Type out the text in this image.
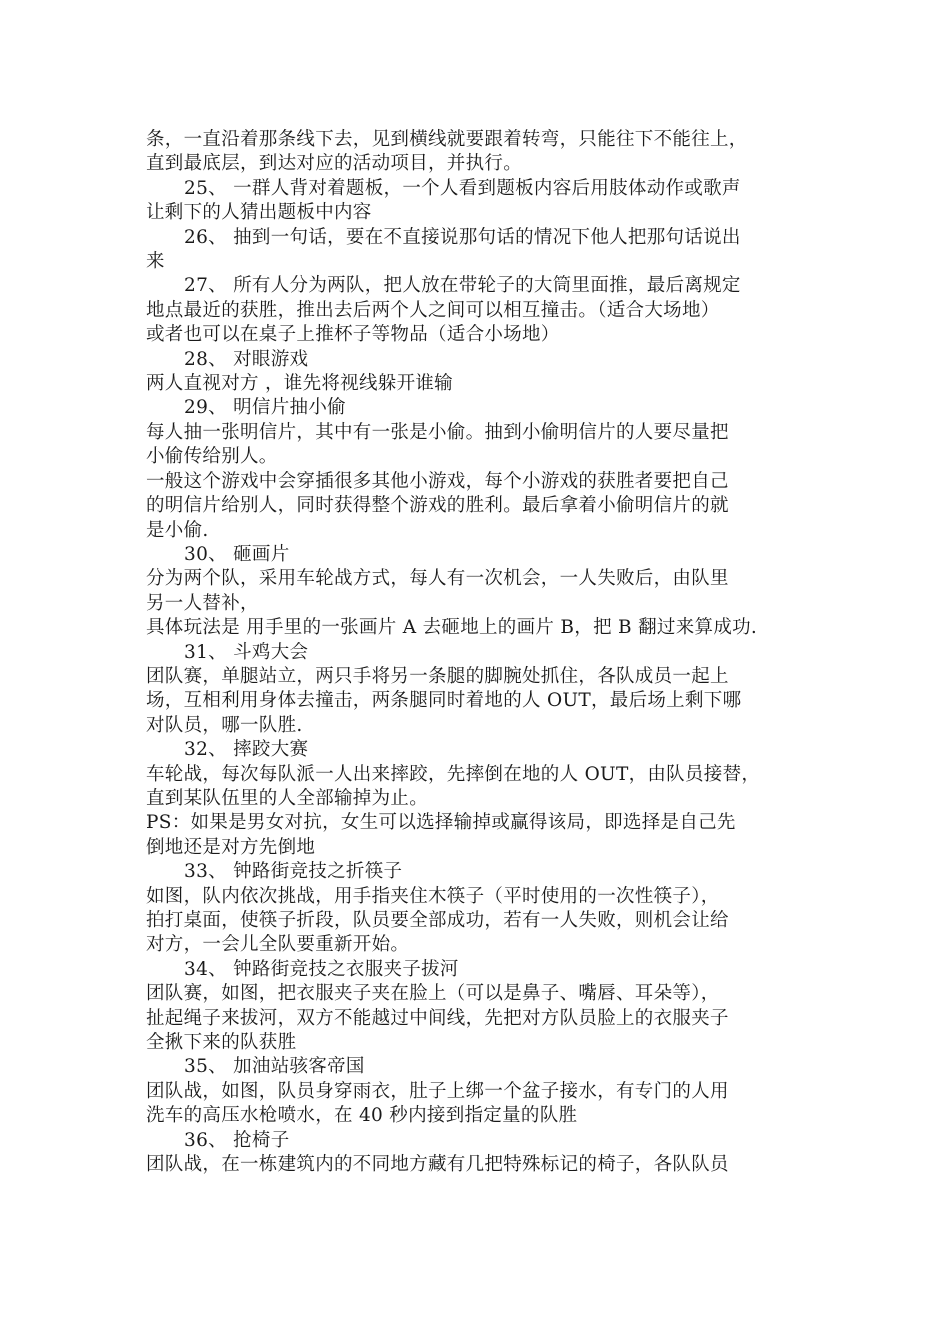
条，一直沿着那条线下去，见到横线就要跟着转弯，只能往下不能往上，
直到最底层，到达对应的活动项目，并执行。
25、 一群人背对着题板，一个人看到题板内容后用肢体动作或歌声
让剩下的人猜出题板中内容
26、 抽到一句话，要在不直接说那句话的情况下他人把那句话说出
来
27、 所有人分为两队，把人放在带轮子的大筒里面推，最后离规定
地点最近的获胜，推出去后两个人之间可以相互撞击。（适合大场地）
或者也可以在桌子上推杯子等物品（适合小场地）
28、 对眼游戏
两人直视对方 ，谁先将视线躲开谁输
29、 明信片抽小偷
每人抽一张明信片，其中有一张是小偷。抽到小偷明信片的人要尽量把
小偷传给别人。
一般这个游戏中会穿插很多其他小游戏，每个小游戏的获胜者要把自己
的明信片给别人，同时获得整个游戏的胜利。最后拿着小偷明信片的就
是小偷.
30、 砸画片
分为两个队，采用车轮战方式，每人有一次机会，一人失败后，由队里
另一人替补，
具体玩法是 用手里的一张画片 A 去砸地上的画片 B，把 B 翻过来算成功.
31、 斗鸡大会
团队赛，单腿站立，两只手将另一条腿的脚腕处抓住，各队成员一起上
场，互相利用身体去撞击，两条腿同时着地的人 OUT，最后场上剩下哪
对队员，哪一队胜.
32、 摔跤大赛
车轮战，每次每队派一人出来摔跤，先摔倒在地的人 OUT，由队员接替，
直到某队伍里的人全部输掉为止。
PS：如果是男女对抗，女生可以选择输掉或赢得该局，即选择是自己先
倒地还是对方先倒地
33、 钟路街竞技之折筷子
如图，队内依次挑战，用手指夹住木筷子（平时使用的一次性筷子），
拍打桌面，使筷子折段，队员要全部成功，若有一人失败，则机会让给
对方，一会儿全队要重新开始。
34、 钟路街竞技之衣服夹子拔河
团队赛，如图，把衣服夹子夹在脸上（可以是鼻子、嘴唇、耳朵等），
扯起绳子来拔河，双方不能越过中间线，先把对方队员脸上的衣服夹子
全揪下来的队获胜
35、 加油站骇客帝国
团队战，如图，队员身穿雨衣，肚子上绑一个盆子接水，有专门的人用
洗车的高压水枪喷水，在 40 秒内接到指定量的队胜
36、 抢椅子
团队战，在一栋建筑内的不同地方藏有几把特殊标记的椅子，各队队员
